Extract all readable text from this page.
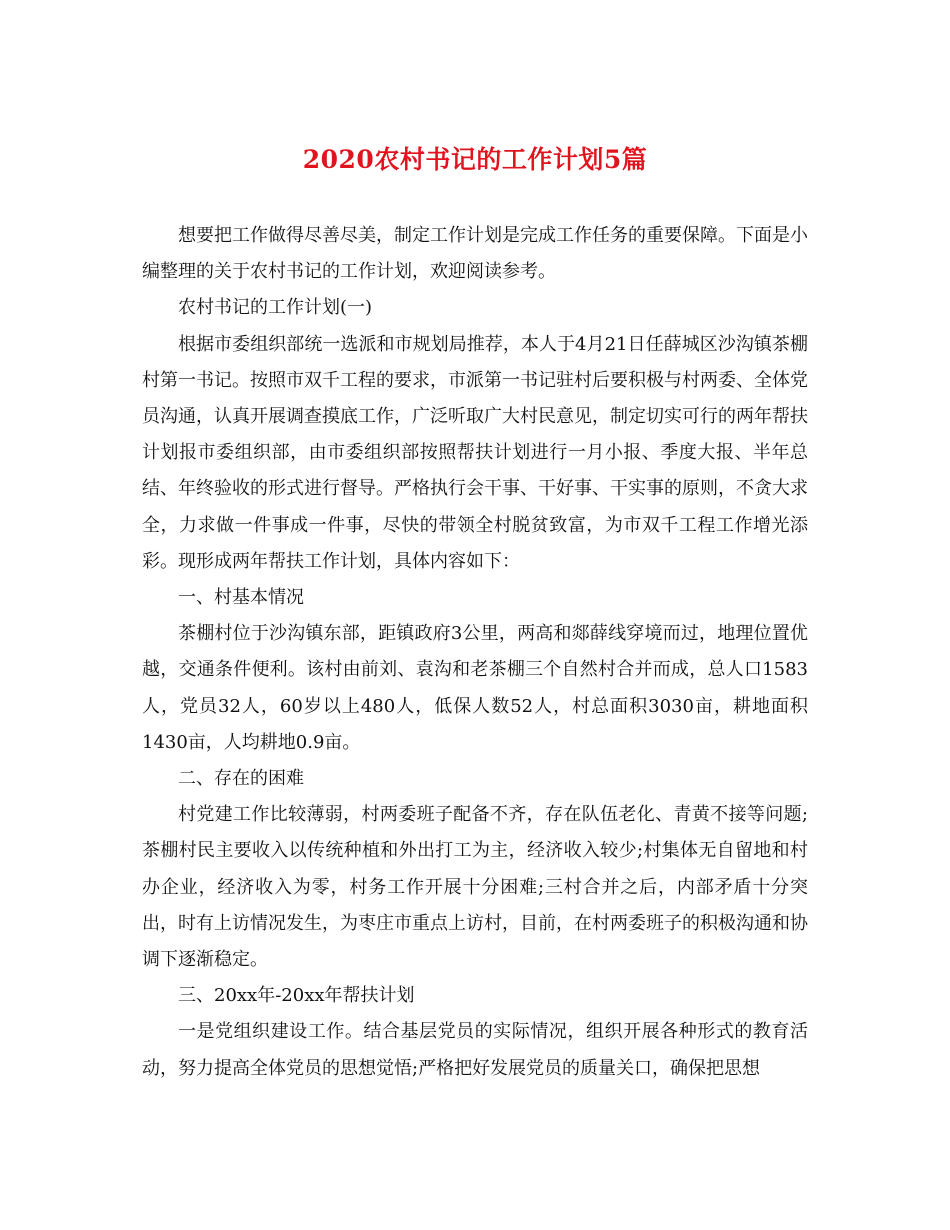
2020农村书记的工作计划5篇

想要把工作做得尽善尽美，制定工作计划是完成工作任务的重要保障。下面是小编整理的关于农村书记的工作计划，欢迎阅读参考。

农村书记的工作计划(一)

根据市委组织部统一选派和市规划局推荐，本人于4月21日任薛城区沙沟镇茶棚村第一书记。按照市双千工程的要求，市派第一书记驻村后要积极与村两委、全体党员沟通，认真开展调查摸底工作，广泛听取广大村民意见，制定切实可行的两年帮扶计划报市委组织部，由市委组织部按照帮扶计划进行一月小报、季度大报、半年总结、年终验收的形式进行督导。严格执行会干事、干好事、干实事的原则，不贪大求全，力求做一件事成一件事，尽快的带领全村脱贫致富，为市双千工程工作增光添彩。现形成两年帮扶工作计划，具体内容如下：

一、村基本情况

茶棚村位于沙沟镇东部，距镇政府3公里，两高和郯薛线穿境而过，地理位置优越，交通条件便利。该村由前刘、袁沟和老茶棚三个自然村合并而成，总人口1583人，党员32人，60岁以上480人，低保人数52人，村总面积3030亩，耕地面积1430亩，人均耕地0.9亩。

二、存在的困难

村党建工作比较薄弱，村两委班子配备不齐，存在队伍老化、青黄不接等问题;茶棚村民主要收入以传统种植和外出打工为主，经济收入较少;村集体无自留地和村办企业，经济收入为零，村务工作开展十分困难;三村合并之后，内部矛盾十分突出，时有上访情况发生，为枣庄市重点上访村，目前，在村两委班子的积极沟通和协调下逐渐稳定。

三、20xx年-20xx年帮扶计划

一是党组织建设工作。结合基层党员的实际情况，组织开展各种形式的教育活动，努力提高全体党员的思想觉悟;严格把好发展党员的质量关口，确保把思想
